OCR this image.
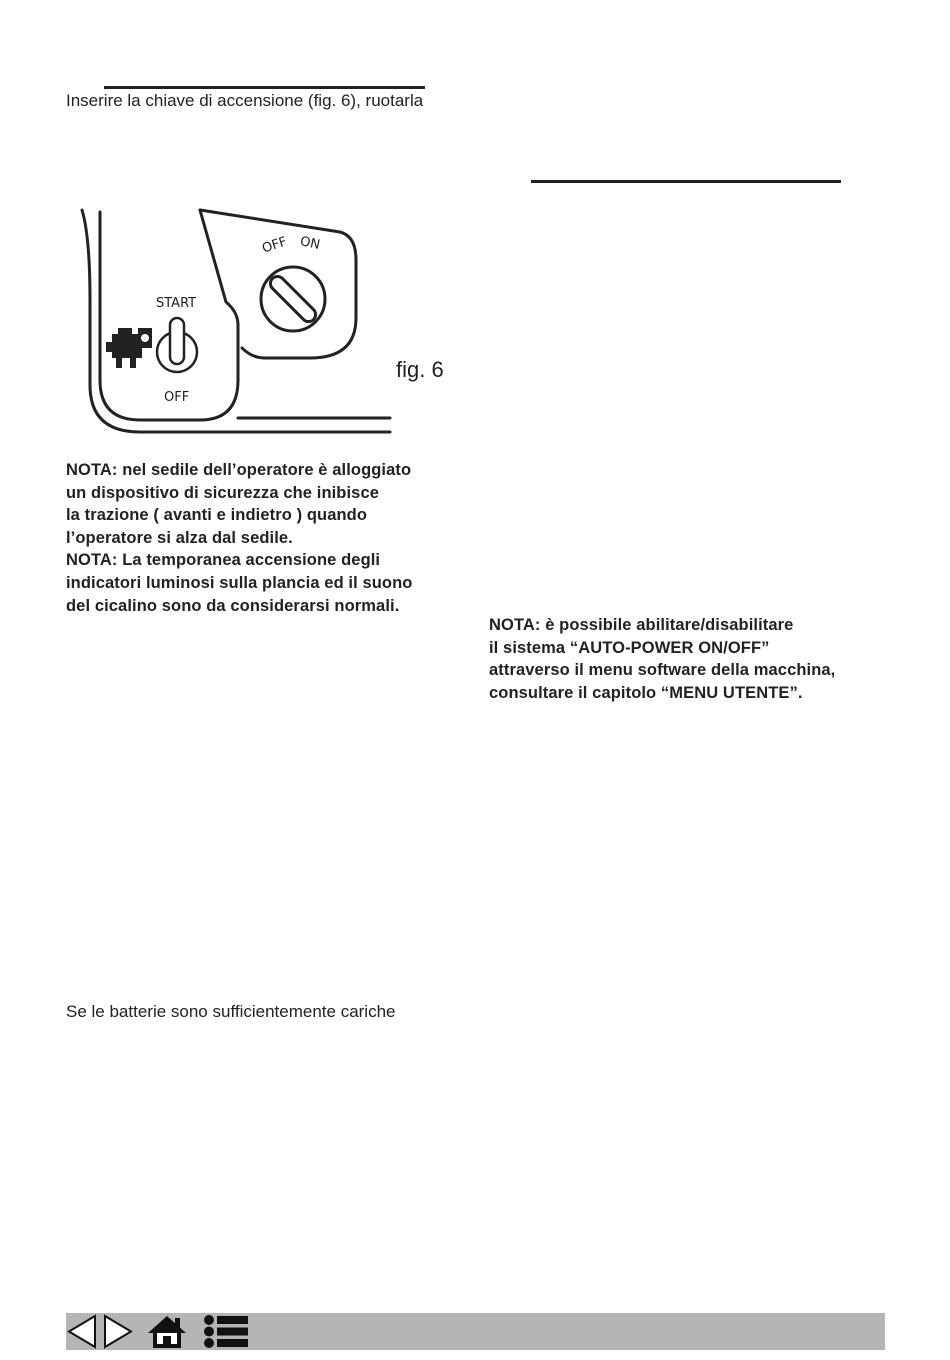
Inserire la chiave di accensione (fig. 6), ruotarla
OFF ON
START
OFF
fig. 6
NOTA: nel sedile dell’operatore è alloggiato
un dispositivo di sicurezza che inibisce
la trazione ( avanti e indietro ) quando
l’operatore si alza dal sedile.
NOTA: La temporanea accensione degli
indicatori luminosi sulla plancia ed il suono
del cicalino sono da considerarsi normali.
NOTA: è possibile abilitare/disabilitare
il sistema “AUTO-POWER ON/OFF”
attraverso il menu software della macchina,
consultare il capitolo “MENU UTENTE”.
Se le batterie sono sufficientemente cariche
